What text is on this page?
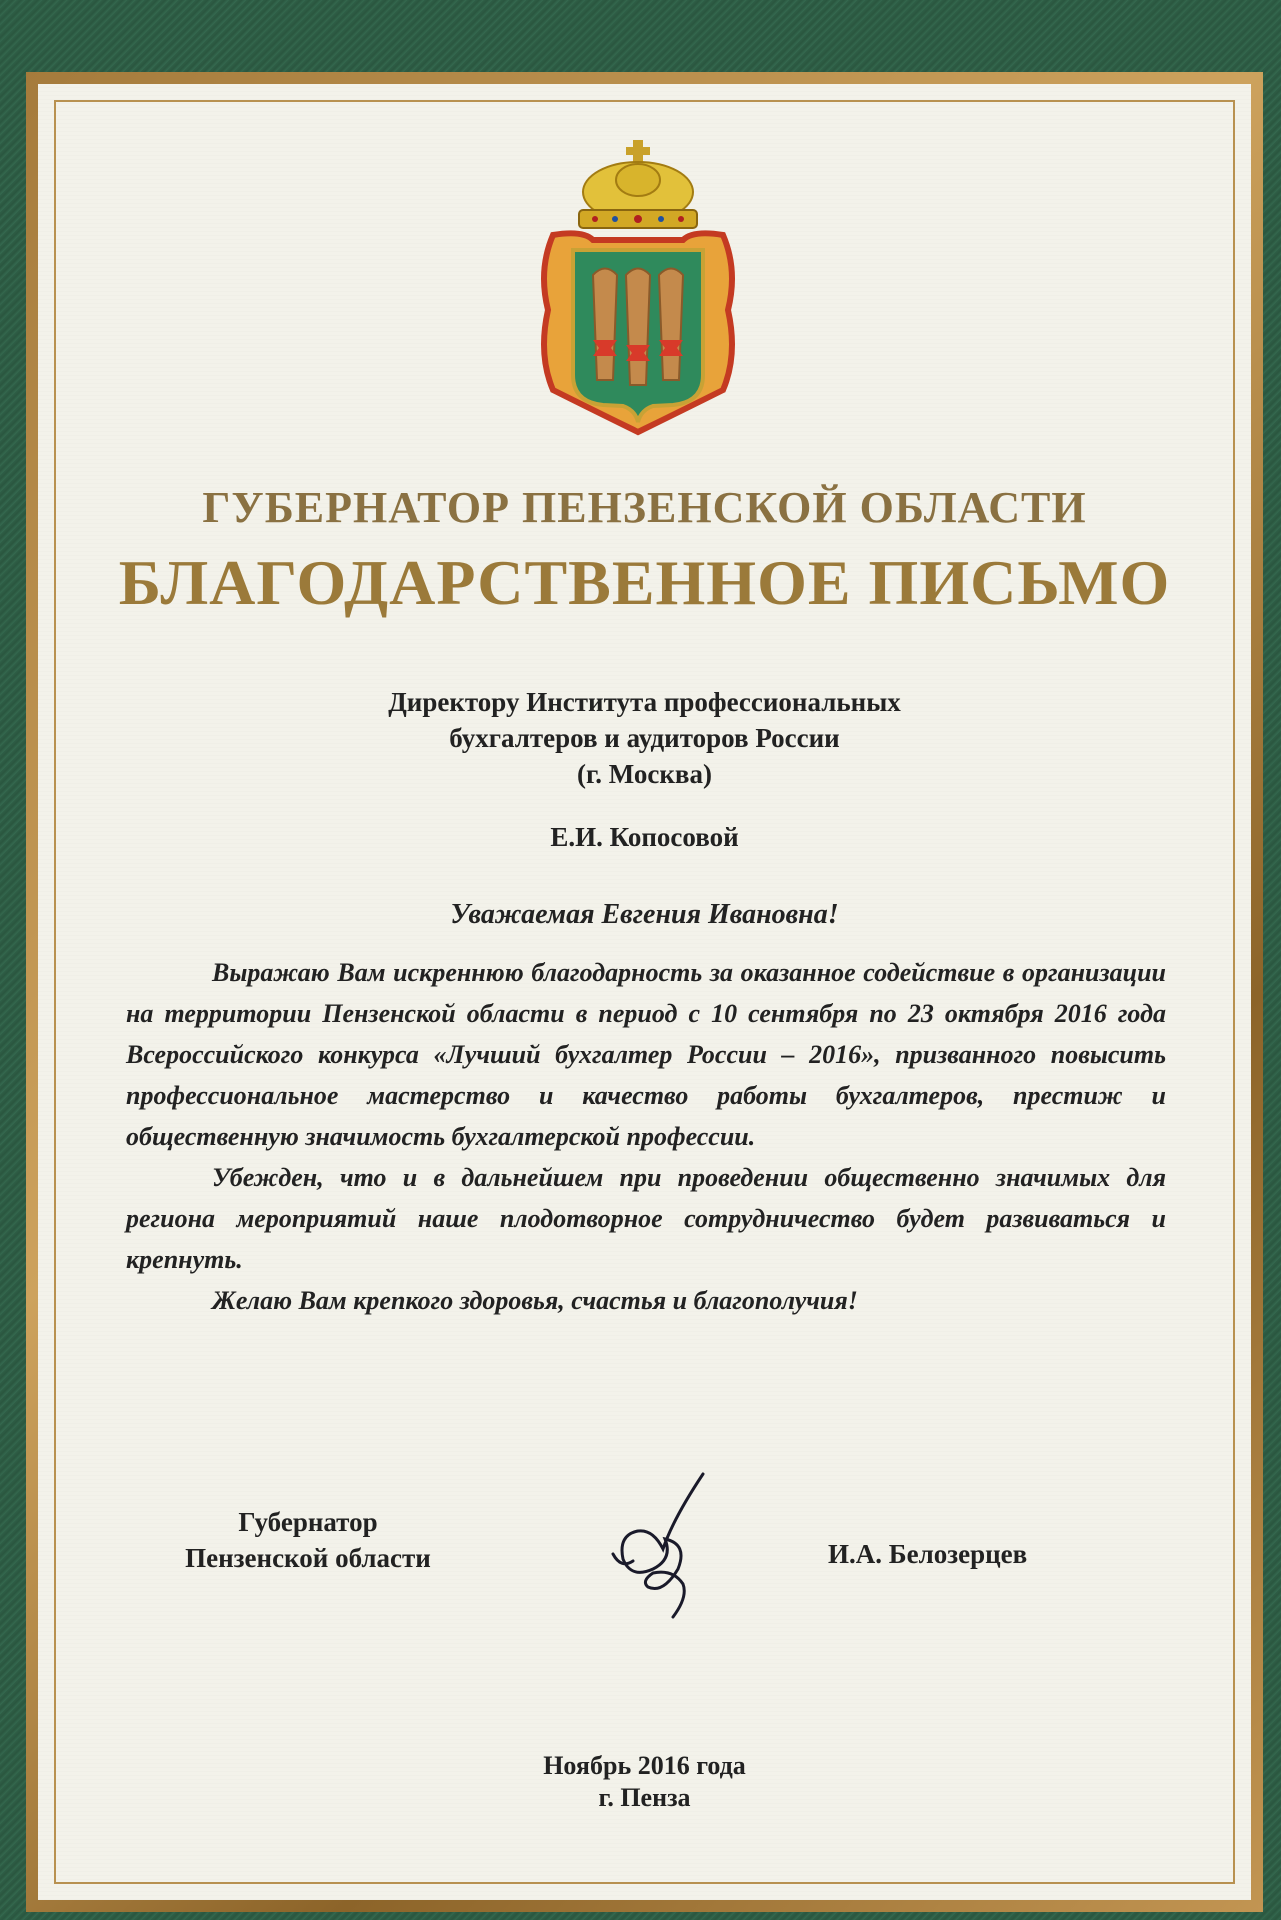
ГУБЕРНАТОР ПЕНЗЕНСКОЙ ОБЛАСТИ
БЛАГОДАРСТВЕННОЕ ПИСЬМО
Директору Института профессиональных
бухгалтеров и аудиторов России
(г. Москва)
Е.И. Копосовой
Уважаемая Евгения Ивановна!

Выражаю Вам искреннюю благодарность за оказанное содействие в организации на территории Пензенской области в период с 10 сентября по 23 октября 2016 года Всероссийского конкурса «Лучший бухгалтер России – 2016», призванного повысить профессиональное мастерство и качество работы бухгалтеров, престиж и общественную значимость бухгалтерской профессии.

Убежден, что и в дальнейшем при проведении общественно значимых для региона мероприятий наше плодотворное сотрудничество будет развиваться и крепнуть.

Желаю Вам крепкого здоровья, счастья и благополучия!

Губернатор
Пензенской области	И.А. Белозерцев
Ноябрь 2016 года
г. Пенза
